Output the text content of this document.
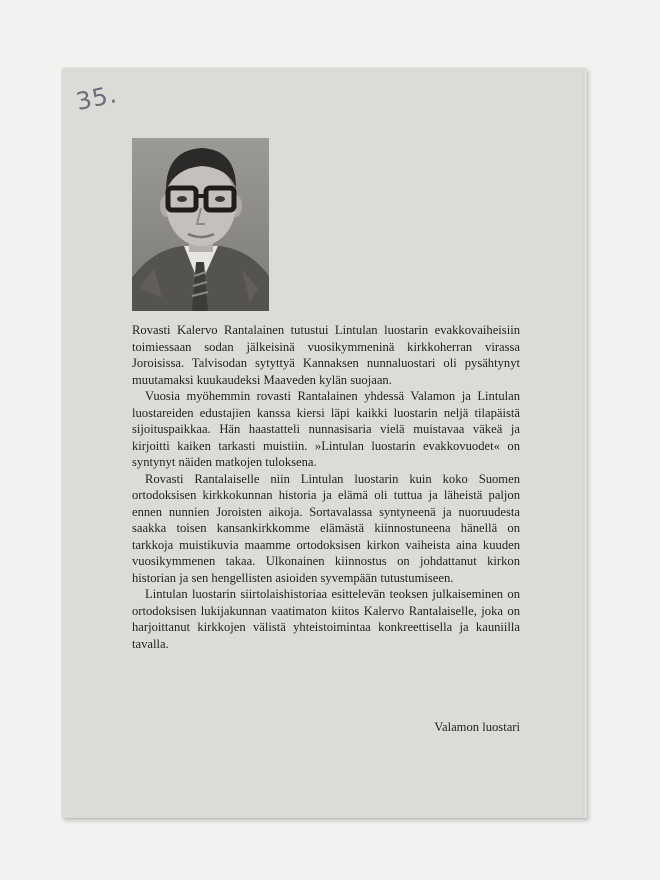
35.

Rovasti Kalervo Rantalainen tutustui Lintulan luostarin evakkovaiheisiin toimiessaan sodan jälkeisinä vuosikymmeninä kirkkoherran virassa Joroisissa. Talvisodan sytyttyä Kannaksen nunnaluostari oli pysähtynyt muutamaksi kuukaudeksi Maaveden kylän suojaan.

Vuosia myöhemmin rovasti Rantalainen yhdessä Valamon ja Lintulan luostareiden edustajien kanssa kiersi läpi kaikki luostarin neljä tilapäistä sijoituspaikkaa. Hän haastatteli nunnasisaria vielä muistavaa väkeä ja kirjoitti kaiken tarkasti muistiin. »Lintulan luostarin evakkovuodet« on syntynyt näiden matkojen tuloksena.

Rovasti Rantalaiselle niin Lintulan luostarin kuin koko Suomen ortodoksisen kirkkokunnan historia ja elämä oli tuttua ja läheistä paljon ennen nunnien Joroisten aikoja. Sortavalassa syntyneenä ja nuoruudesta saakka toisen kansankirkkomme elämästä kiinnostuneena hänellä on tarkkoja muistikuvia maamme ortodoksisen kirkon vaiheista aina kuuden vuosikymmenen takaa. Ulkonainen kiinnostus on johdattanut kirkon historian ja sen hengellisten asioiden syvempään tutustumiseen.

Lintulan luostarin siirtolaishistoriaa esittelevän teoksen julkaiseminen on ortodoksisen lukijakunnan vaatimaton kiitos Kalervo Rantalaiselle, joka on harjoittanut kirkkojen välistä yhteistoimintaa konkreettisella ja kauniilla tavalla.

Valamon luostari
